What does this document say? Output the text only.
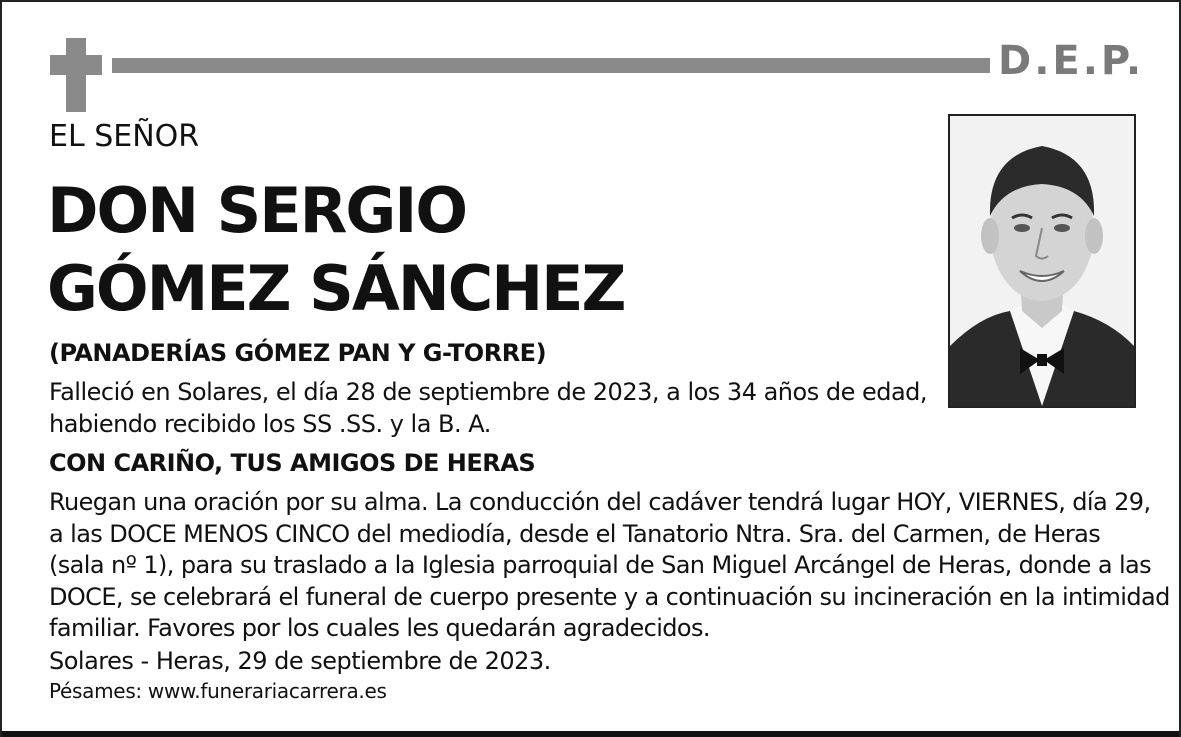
D.E.P.
EL SEÑOR
DON SERGIO
GÓMEZ SÁNCHEZ
(PANADERÍAS GÓMEZ PAN Y G-TORRE)
Falleció en Solares, el día 28 de septiembre de 2023, a los 34 años de edad,
habiendo recibido los SS .SS. y la B. A.
CON CARIÑO, TUS AMIGOS DE HERAS
Ruegan una oración por su alma. La conducción del cadáver tendrá lugar HOY, VIERNES, día 29,
a las DOCE MENOS CINCO del mediodía, desde el Tanatorio Ntra. Sra. del Carmen, de Heras
(sala nº 1), para su traslado a la Iglesia parroquial de San Miguel Arcángel de Heras, donde a las
DOCE, se celebrará el funeral de cuerpo presente y a continuación su incineración en la intimidad
familiar. Favores por los cuales les quedarán agradecidos.
Solares - Heras, 29 de septiembre de 2023.
Pésames: www.funerariacarrera.es
